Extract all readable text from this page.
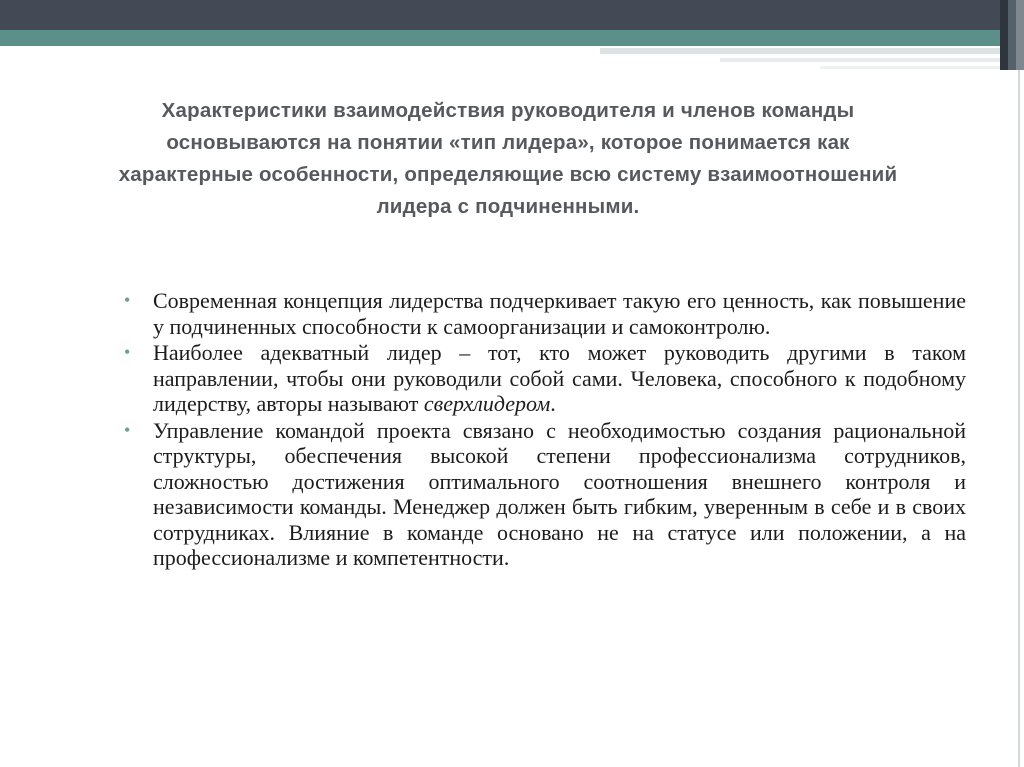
Характеристики взаимодействия руководителя и членов команды основываются на понятии «тип лидера», которое понимается как характерные особенности, определяющие всю систему взаимоотношений лидера с подчиненными.
• Современная концепция лидерства подчеркивает такую его ценность, как повышение у подчиненных способности к самоорганизации и самоконтролю.
• Наиболее адекватный лидер – тот, кто может руководить другими в таком направлении, чтобы они руководили собой сами. Человека, способного к подобному лидерству, авторы называют сверхлидером.
• Управление командой проекта связано с необходимостью создания рациональной структуры, обеспечения высокой степени профессионализма сотрудников, сложностью достижения оптимального соотношения внешнего контроля и независимости команды. Менеджер должен быть гибким, уверенным в себе и в своих сотрудниках. Влияние в команде основано не на статусе или положении, а на профессионализме и компетентности.
